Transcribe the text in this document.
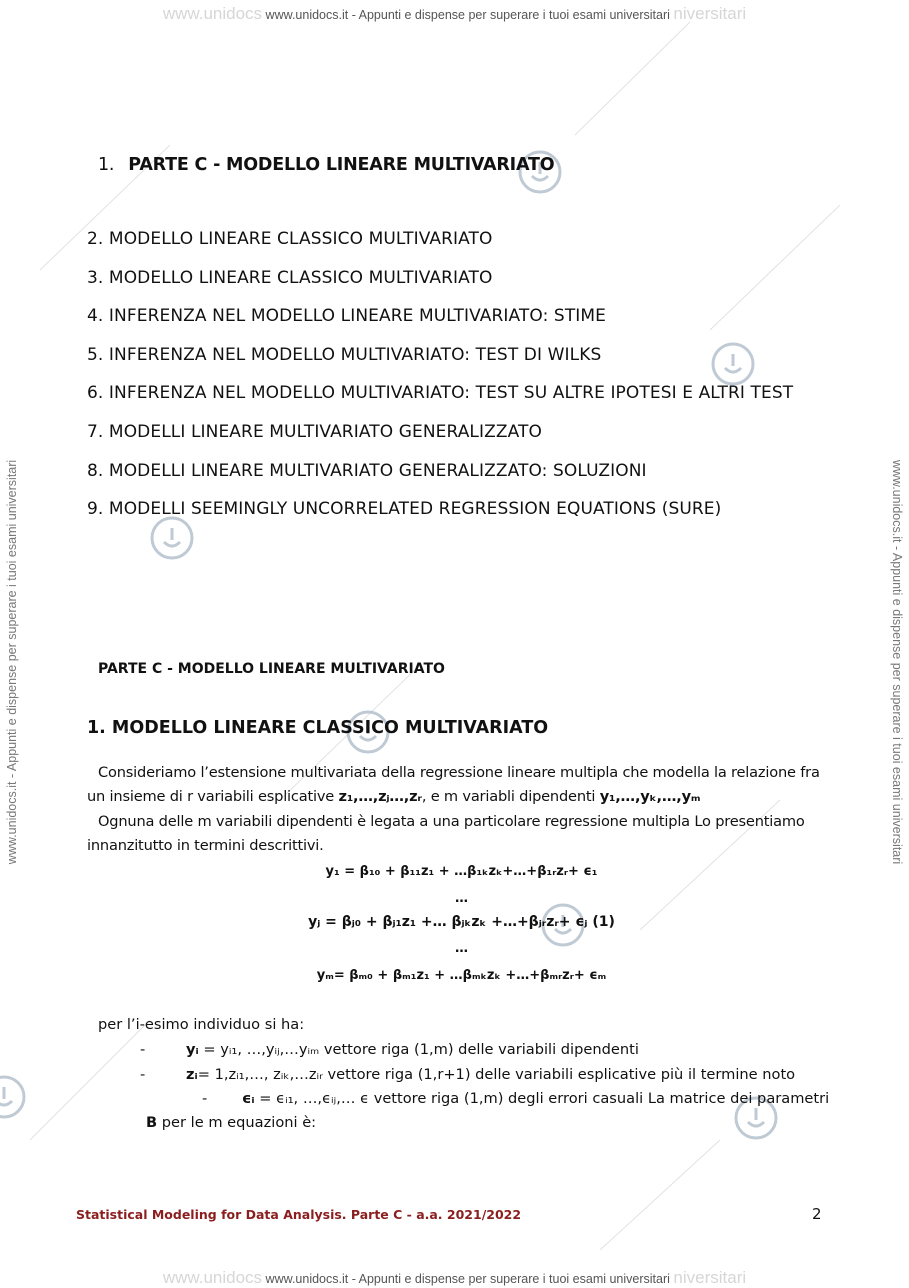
www.unidocs www.unidocs.it - Appunti e dispense per superare i tuoi esami universitari niversitari
www.unidocs www.unidocs.it - Appunti e dispense per superare i tuoi esami universitari niversitari
www.unidocs.it - Appunti e dispense per superare i tuoi esami universitari	www.unidocs.it - Appunti e dispense per superare i tuoi esami universitari
1. PARTE C - MODELLO LINEARE MULTIVARIATO
2. MODELLO LINEARE CLASSICO MULTIVARIATO
3. MODELLO LINEARE CLASSICO MULTIVARIATO
4. INFERENZA NEL MODELLO LINEARE MULTIVARIATO: STIME
5. INFERENZA NEL MODELLO MULTIVARIATO: TEST DI WILKS
6. INFERENZA NEL MODELLO MULTIVARIATO: TEST SU ALTRE IPOTESI E ALTRI TEST
7. MODELLI LINEARE MULTIVARIATO GENERALIZZATO
8. MODELLI LINEARE MULTIVARIATO GENERALIZZATO: SOLUZIONI
9. MODELLI SEEMINGLY UNCORRELATED REGRESSION EQUATIONS (SURE)
PARTE C - MODELLO LINEARE MULTIVARIATO
1. MODELLO LINEARE CLASSICO MULTIVARIATO
Consideriamo l’estensione multivariata della regressione lineare multipla che modella la relazione fra un insieme di r variabili esplicative z₁,…,zⱼ…,zᵣ, e m variabli dipendenti y₁,…,yₖ,…,yₘ
Ognuna delle m variabili dipendenti è legata a una particolare regressione multipla Lo presentiamo innanzitutto in termini descrittivi.
y₁ = β₁₀ + β₁₁z₁ + …β₁ₖzₖ+…+β₁ᵣzᵣ+ ϵ₁
…
yⱼ = βⱼ₀ + βⱼ₁z₁ +… βⱼₖzₖ +…+βⱼᵣzᵣ+ ϵⱼ (1)
…
yₘ= βₘ₀ + βₘ₁z₁ + …βₘₖzₖ +…+βₘᵣzᵣ+ ϵₘ
per l’i-esimo individuo si ha:
-	yᵢ = yᵢ₁, …,yᵢⱼ,…yᵢₘ vettore riga (1,m) delle variabili dipendenti
-	zᵢ= 1,zᵢ₁,…, zᵢₖ,…zᵢᵣ vettore riga (1,r+1) delle variabili esplicative più il termine noto
- ϵᵢ = ϵᵢ₁, …,ϵᵢⱼ,… ϵ vettore riga (1,m) degli errori casuali La matrice dei parametri
B per le m equazioni è:
Statistical Modeling for Data Analysis. Parte C - a.a. 2021/2022	2
